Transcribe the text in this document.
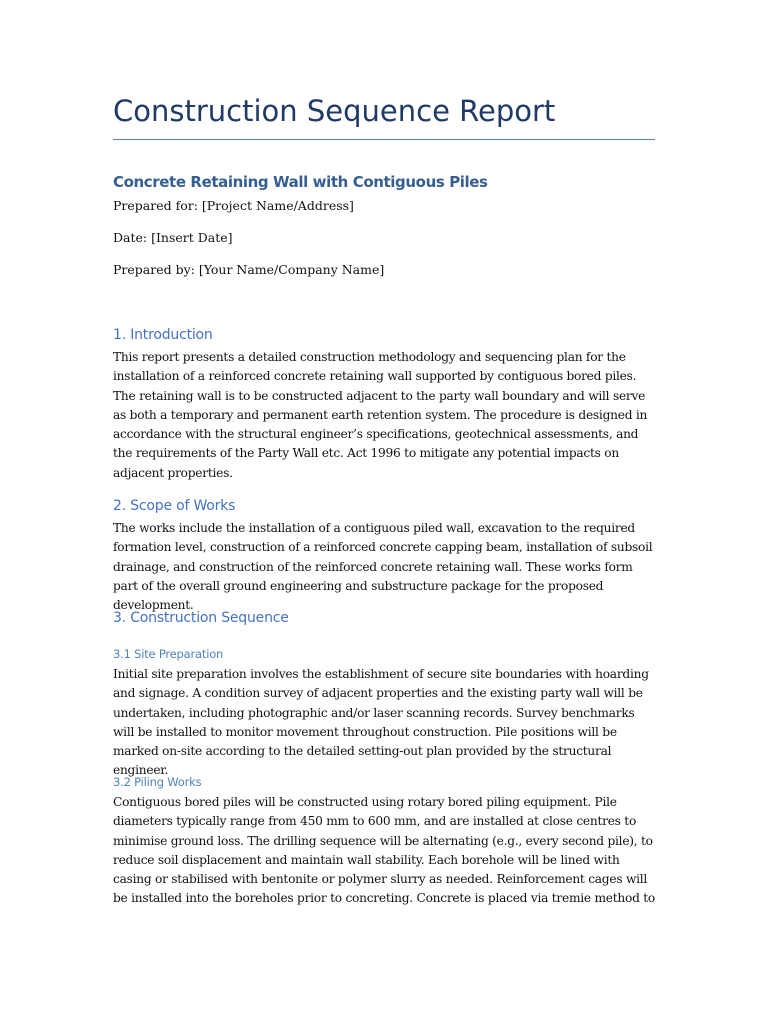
Construction Sequence Report
Concrete Retaining Wall with Contiguous Piles
Prepared for: [Project Name/Address]
Date: [Insert Date]
Prepared by: [Your Name/Company Name]
1. Introduction

This report presents a detailed construction methodology and sequencing plan for the installation of a reinforced concrete retaining wall supported by contiguous bored piles. The retaining wall is to be constructed adjacent to the party wall boundary and will serve as both a temporary and permanent earth retention system. The procedure is designed in accordance with the structural engineer’s specifications, geotechnical assessments, and the requirements of the Party Wall etc. Act 1996 to mitigate any potential impacts on adjacent properties.

2. Scope of Works

The works include the installation of a contiguous piled wall, excavation to the required formation level, construction of a reinforced concrete capping beam, installation of subsoil drainage, and construction of the reinforced concrete retaining wall. These works form part of the overall ground engineering and substructure package for the proposed development.

3. Construction Sequence
3.1 Site Preparation

Initial site preparation involves the establishment of secure site boundaries with hoarding and signage. A condition survey of adjacent properties and the existing party wall will be undertaken, including photographic and/or laser scanning records. Survey benchmarks will be installed to monitor movement throughout construction. Pile positions will be marked on-site according to the detailed setting-out plan provided by the structural engineer.

3.2 Piling Works

Contiguous bored piles will be constructed using rotary bored piling equipment. Pile diameters typically range from 450 mm to 600 mm, and are installed at close centres to minimise ground loss. The drilling sequence will be alternating (e.g., every second pile), to reduce soil displacement and maintain wall stability. Each borehole will be lined with casing or stabilised with bentonite or polymer slurry as needed. Reinforcement cages will be installed into the boreholes prior to concreting. Concrete is placed via tremie method to
